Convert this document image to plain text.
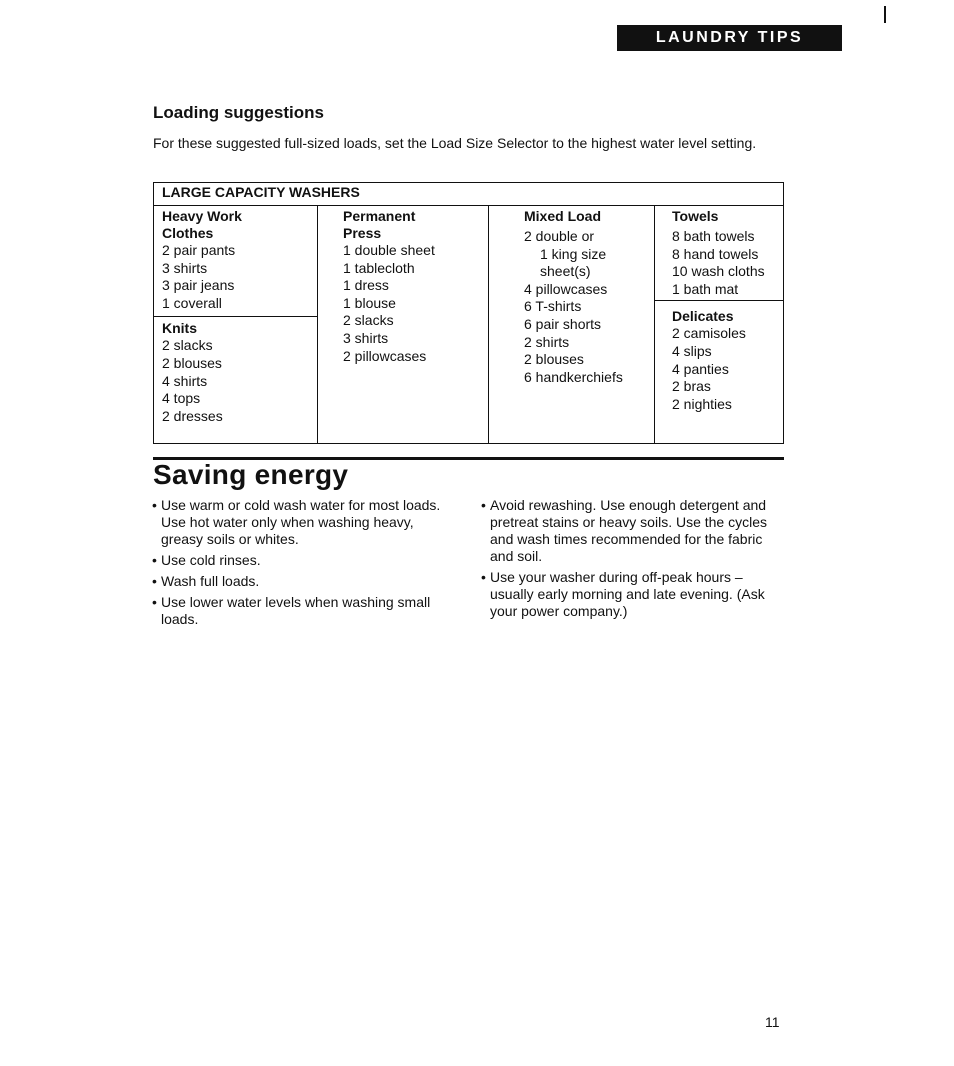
LAUNDRY TIPS
Loading suggestions
For these suggested full-sized loads, set the Load Size Selector to the highest water level setting.
LARGE CAPACITY WASHERS

Heavy Work Clothes
2 pair pants
3 shirts
3 pair jeans
1 coverall
Knits
2 slacks
2 blouses
4 shirts
4 tops
2 dresses

Permanent Press
1 double sheet
1 tablecloth
1 dress
1 blouse
2 slacks
3 shirts
2 pillowcases

Mixed Load
2 double or
1 king size
sheet(s)
4 pillowcases
6 T-shirts
6 pair shorts
2 shirts
2 blouses
6 handkerchiefs

Towels
8 bath towels
8 hand towels
10 wash cloths
1 bath mat
Delicates
2 camisoles
4 slips
4 panties
2 bras
2 nighties
Saving energy
• Use warm or cold wash water for most loads. Use hot water only when washing heavy, greasy soils or whites.
• Use cold rinses.
• Wash full loads.
• Use lower water levels when washing small loads.
• Avoid rewashing. Use enough detergent and pretreat stains or heavy soils. Use the cycles and wash times recommended for the fabric and soil.
• Use your washer during off-peak hours – usually early morning and late evening. (Ask your power company.)
11
